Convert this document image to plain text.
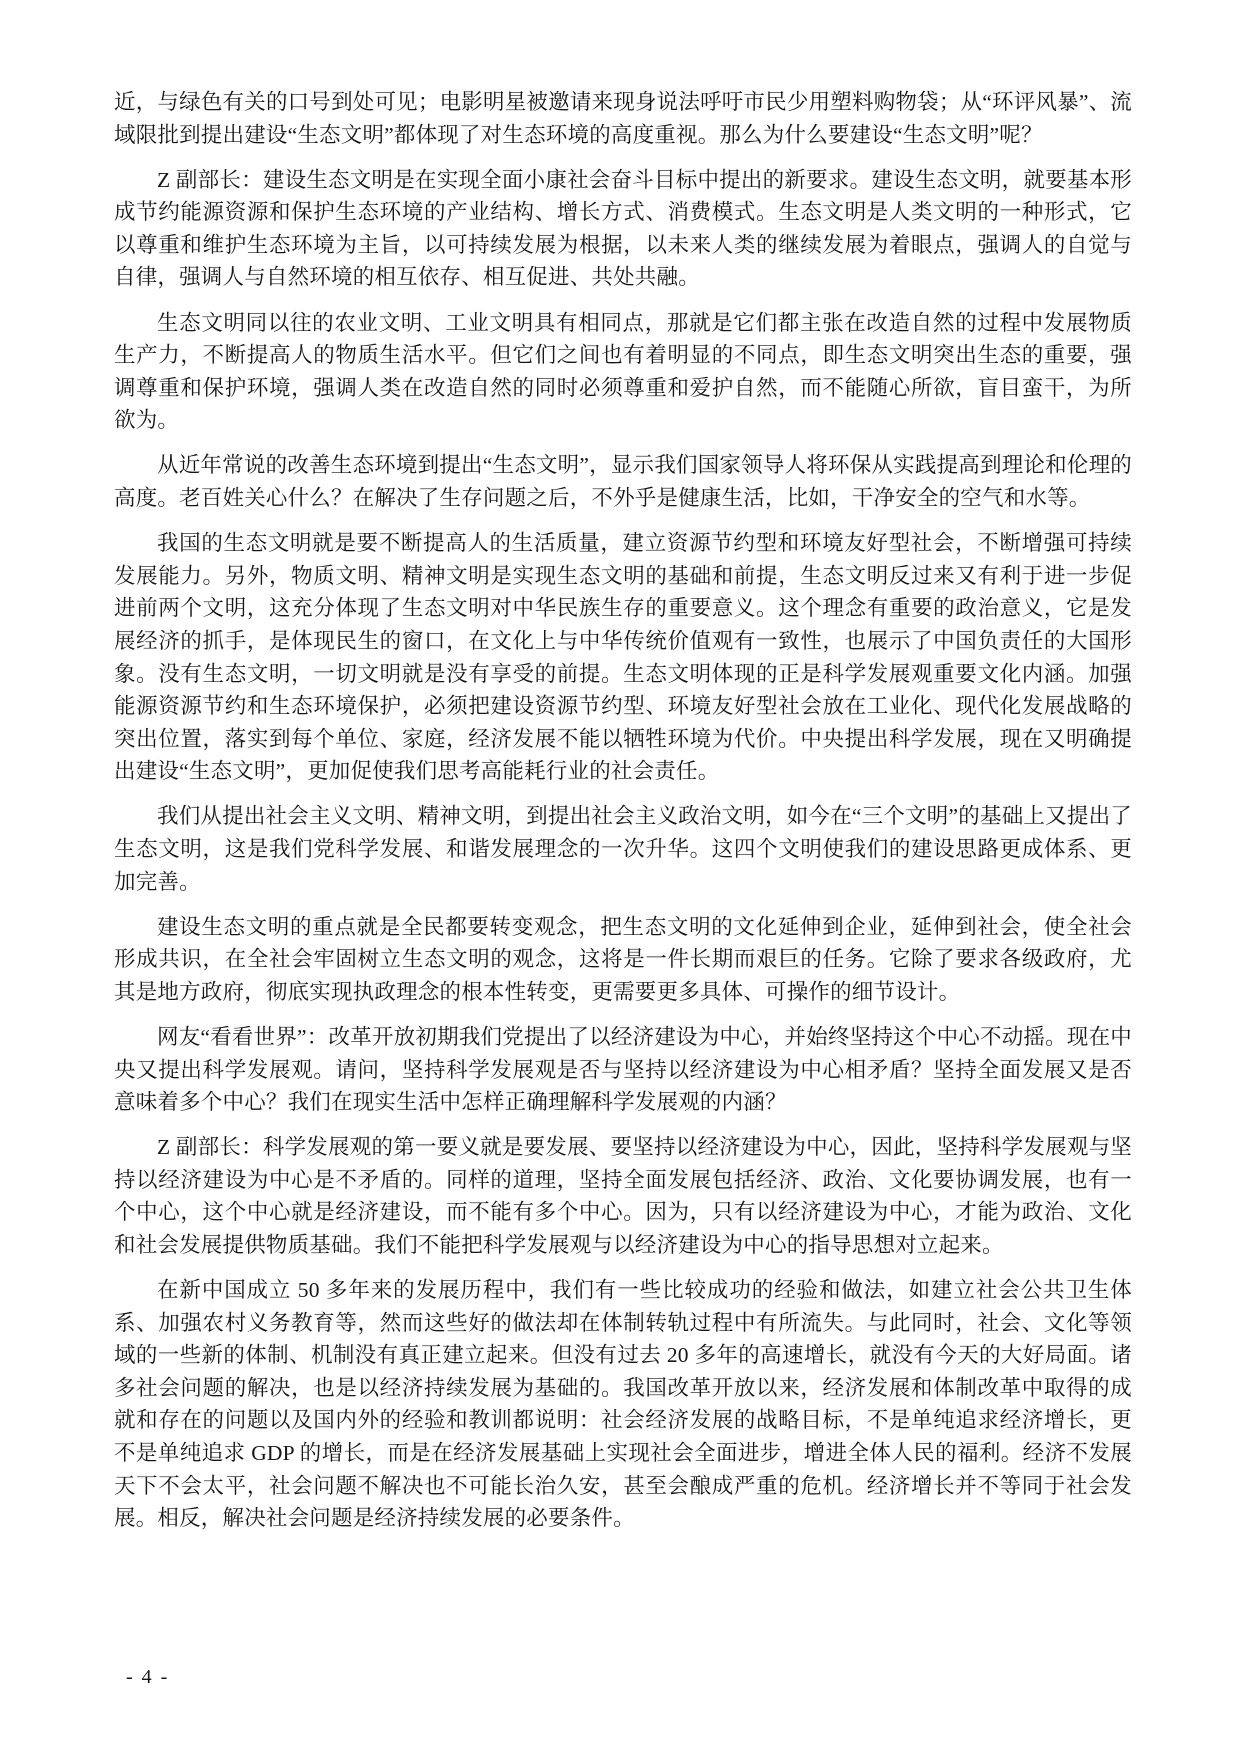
近，与绿色有关的口号到处可见；电影明星被邀请来现身说法呼吁市民少用塑料购物袋；从“环评风暴”、流域限批到提出建设“生态文明”都体现了对生态环境的高度重视。那么为什么要建设“生态文明”呢？

Z 副部长：建设生态文明是在实现全面小康社会奋斗目标中提出的新要求。建设生态文明，就要基本形成节约能源资源和保护生态环境的产业结构、增长方式、消费模式。生态文明是人类文明的一种形式，它以尊重和维护生态环境为主旨，以可持续发展为根据，以未来人类的继续发展为着眼点，强调人的自觉与自律，强调人与自然环境的相互依存、相互促进、共处共融。

生态文明同以往的农业文明、工业文明具有相同点，那就是它们都主张在改造自然的过程中发展物质生产力，不断提高人的物质生活水平。但它们之间也有着明显的不同点，即生态文明突出生态的重要，强调尊重和保护环境，强调人类在改造自然的同时必须尊重和爱护自然，而不能随心所欲，盲目蛮干，为所欲为。

从近年常说的改善生态环境到提出“生态文明”，显示我们国家领导人将环保从实践提高到理论和伦理的高度。老百姓关心什么？在解决了生存问题之后，不外乎是健康生活，比如，干净安全的空气和水等。

我国的生态文明就是要不断提高人的生活质量，建立资源节约型和环境友好型社会，不断增强可持续发展能力。另外，物质文明、精神文明是实现生态文明的基础和前提，生态文明反过来又有利于进一步促进前两个文明，这充分体现了生态文明对中华民族生存的重要意义。这个理念有重要的政治意义，它是发展经济的抓手，是体现民生的窗口，在文化上与中华传统价值观有一致性，也展示了中国负责任的大国形象。没有生态文明，一切文明就是没有享受的前提。生态文明体现的正是科学发展观重要文化内涵。加强能源资源节约和生态环境保护，必须把建设资源节约型、环境友好型社会放在工业化、现代化发展战略的突出位置，落实到每个单位、家庭，经济发展不能以牺牲环境为代价。中央提出科学发展，现在又明确提出建设“生态文明”，更加促使我们思考高能耗行业的社会责任。

我们从提出社会主义文明、精神文明，到提出社会主义政治文明，如今在“三个文明”的基础上又提出了生态文明，这是我们党科学发展、和谐发展理念的一次升华。这四个文明使我们的建设思路更成体系、更加完善。

建设生态文明的重点就是全民都要转变观念，把生态文明的文化延伸到企业，延伸到社会，使全社会形成共识，在全社会牢固树立生态文明的观念，这将是一件长期而艰巨的任务。它除了要求各级政府，尤其是地方政府，彻底实现执政理念的根本性转变，更需要更多具体、可操作的细节设计。

网友“看看世界”：改革开放初期我们党提出了以经济建设为中心，并始终坚持这个中心不动摇。现在中央又提出科学发展观。请问，坚持科学发展观是否与坚持以经济建设为中心相矛盾？坚持全面发展又是否意味着多个中心？我们在现实生活中怎样正确理解科学发展观的内涵？

Z 副部长：科学发展观的第一要义就是要发展、要坚持以经济建设为中心，因此，坚持科学发展观与坚持以经济建设为中心是不矛盾的。同样的道理，坚持全面发展包括经济、政治、文化要协调发展，也有一个中心，这个中心就是经济建设，而不能有多个中心。因为，只有以经济建设为中心，才能为政治、文化和社会发展提供物质基础。我们不能把科学发展观与以经济建设为中心的指导思想对立起来。

在新中国成立 50 多年来的发展历程中，我们有一些比较成功的经验和做法，如建立社会公共卫生体系、加强农村义务教育等，然而这些好的做法却在体制转轨过程中有所流失。与此同时，社会、文化等领域的一些新的体制、机制没有真正建立起来。但没有过去 20 多年的高速增长，就没有今天的大好局面。诸多社会问题的解决，也是以经济持续发展为基础的。我国改革开放以来，经济发展和体制改革中取得的成就和存在的问题以及国内外的经验和教训都说明：社会经济发展的战略目标，不是单纯追求经济增长，更不是单纯追求 GDP 的增长，而是在经济发展基础上实现社会全面进步，增进全体人民的福利。经济不发展天下不会太平，社会问题不解决也不可能长治久安，甚至会酿成严重的危机。经济增长并不等同于社会发展。相反，解决社会问题是经济持续发展的必要条件。

- 4 -
